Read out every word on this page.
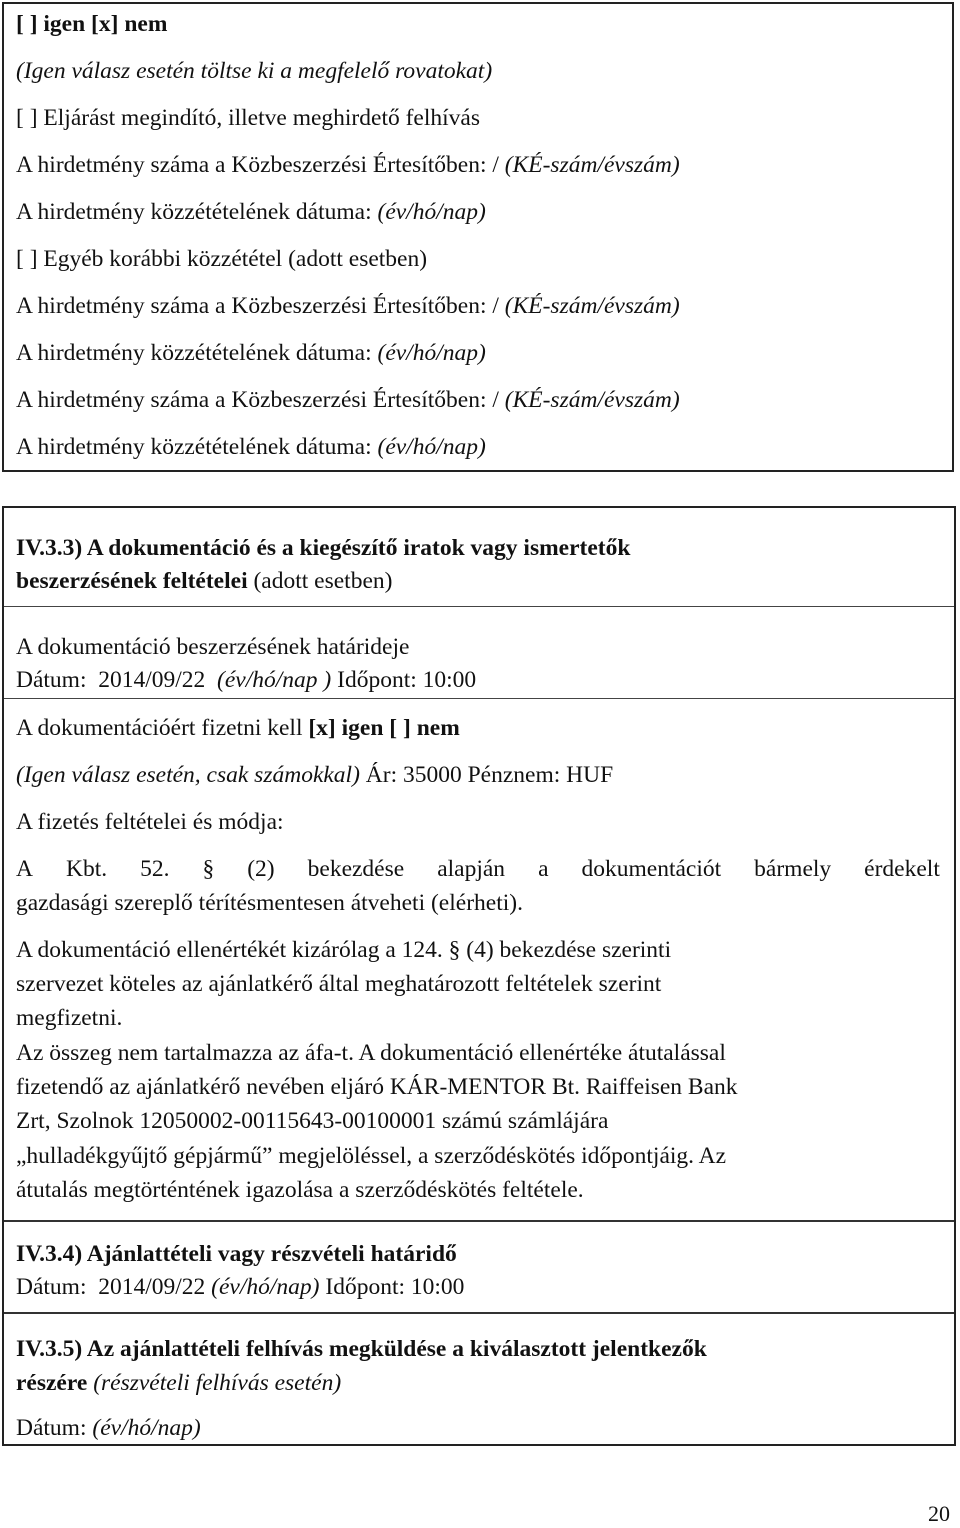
[ ] igen [x] nem
(Igen válasz esetén töltse ki a megfelelő rovatokat)
[ ] Eljárást megindító, illetve meghirdető felhívás
A hirdetmény száma a Közbeszerzési Értesítőben: / (KÉ-szám/évszám)
A hirdetmény közzétételének dátuma: (év/hó/nap)
[ ] Egyéb korábbi közzététel (adott esetben)
A hirdetmény száma a Közbeszerzési Értesítőben: / (KÉ-szám/évszám)
A hirdetmény közzétételének dátuma: (év/hó/nap)
A hirdetmény száma a Közbeszerzési Értesítőben: / (KÉ-szám/évszám)
A hirdetmény közzétételének dátuma: (év/hó/nap)
IV.3.3) A dokumentáció és a kiegészítő iratok vagy ismertetők
beszerzésének feltételei (adott esetben)
A dokumentáció beszerzésének határideje
Dátum:  2014/09/22  (év/hó/nap ) Időpont: 10:00
A dokumentációért fizetni kell [x] igen [ ] nem
(Igen válasz esetén, csak számokkal) Ár: 35000 Pénznem: HUF
A fizetés feltételei és módja:
A Kbt. 52. § (2) bekezdése alapján a dokumentációt bármely érdekelt
gazdasági szereplő térítésmentesen átveheti (elérheti).
A dokumentáció ellenértékét kizárólag a 124. § (4) bekezdése szerinti
szervezet köteles az ajánlatkérő által meghatározott feltételek szerint
megfizetni.
Az összeg nem tartalmazza az áfa-t. A dokumentáció ellenértéke átutalással
fizetendő az ajánlatkérő nevében eljáró KÁR-MENTOR Bt. Raiffeisen Bank
Zrt, Szolnok 12050002-00115643-00100001 számú számlájára
„hulladékgyűjtő gépjármű” megjelöléssel, a szerződéskötés időpontjáig. Az
átutalás megtörténtének igazolása a szerződéskötés feltétele.
IV.3.4) Ajánlattételi vagy részvételi határidő
Dátum:  2014/09/22 (év/hó/nap) Időpont: 10:00
IV.3.5) Az ajánlattételi felhívás megküldése a kiválasztott jelentkezők
részére (részvételi felhívás esetén)
Dátum: (év/hó/nap)
20
